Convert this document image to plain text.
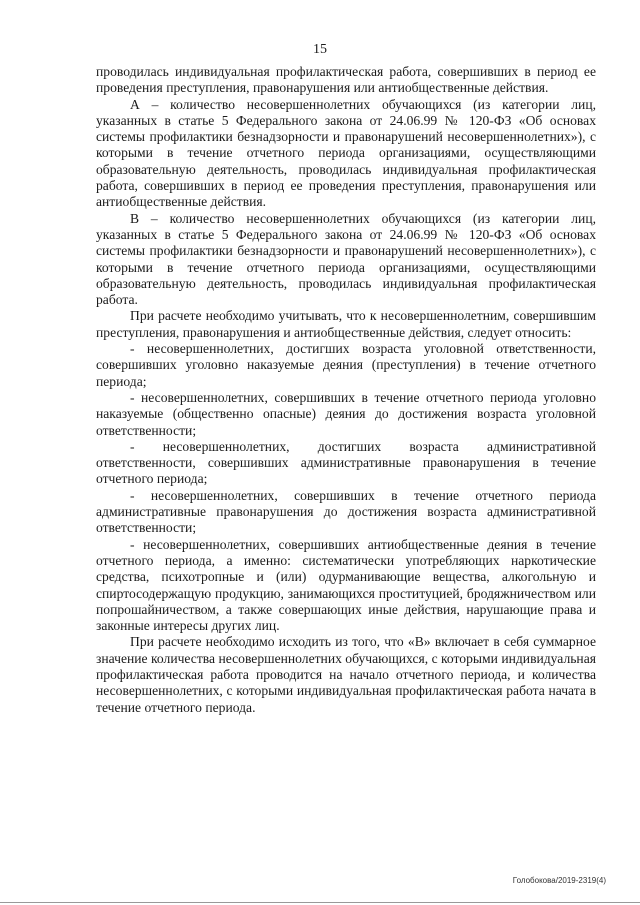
15

проводилась индивидуальная профилактическая работа, совершивших в период ее проведения преступления, правонарушения или антиобщественные действия.

А – количество несовершеннолетних обучающихся (из категории лиц, указанных в статье 5 Федерального закона от 24.06.99 № 120-ФЗ «Об основах системы профилактики безнадзорности и правонарушений несовершеннолетних»), с которыми в течение отчетного периода организациями, осуществляющими образовательную деятельность, проводилась индивидуальная профилактическая работа, совершивших в период ее проведения преступления, правонарушения или антиобщественные действия.

В – количество несовершеннолетних обучающихся (из категории лиц, указанных в статье 5 Федерального закона от 24.06.99 № 120-ФЗ «Об основах системы профилактики безнадзорности и правонарушений несовершеннолетних»), с которыми в течение отчетного периода организациями, осуществляющими образовательную деятельность, проводилась индивидуальная профилактическая работа.

При расчете необходимо учитывать, что к несовершеннолетним, совершившим преступления, правонарушения и антиобщественные действия, следует относить:

- несовершеннолетних, достигших возраста уголовной ответственности, совершивших уголовно наказуемые деяния (преступления) в течение отчетного периода;

- несовершеннолетних, совершивших в течение отчетного периода уголовно наказуемые (общественно опасные) деяния до достижения возраста уголовной ответственности;

- несовершеннолетних, достигших возраста административной ответственности, совершивших административные правонарушения в течение отчетного периода;

- несовершеннолетних, совершивших в течение отчетного периода административные правонарушения до достижения возраста административной ответственности;

- несовершеннолетних, совершивших антиобщественные деяния в течение отчетного периода, а именно: систематически употребляющих наркотические средства, психотропные и (или) одурманивающие вещества, алкогольную и спиртосодержащую продукцию, занимающихся проституцией, бродяжничеством или попрошайничеством, а также совершающих иные действия, нарушающие права и законные интересы других лиц.

При расчете необходимо исходить из того, что «В» включает в себя суммарное значение количества несовершеннолетних обучающихся, с которыми индивидуальная профилактическая работа проводится на начало отчетного периода, и количества несовершеннолетних, с которыми индивидуальная профилактическая работа начата в течение отчетного периода.

Голобокова/2019-2319(4)
